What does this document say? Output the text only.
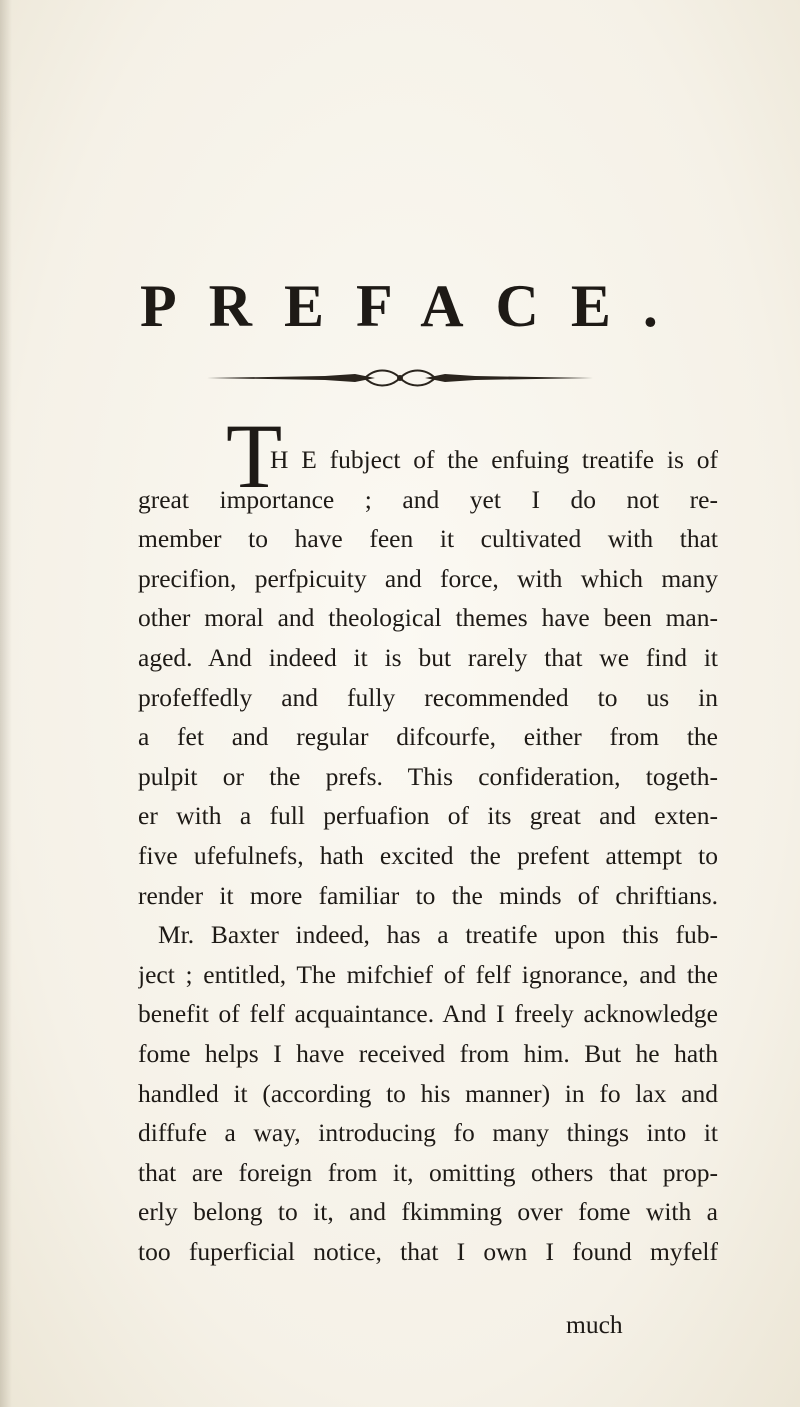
PREFACE.
T
H E fubject of the enfuing treatife is of
great importance ; and yet I do not re-
member to have feen it cultivated with that
precifion, perfpicuity and force, with which many
other moral and theological themes have been man-
aged. And indeed it is but rarely that we find it
profeffedly and fully recommended to us in
a fet and regular difcourfe, either from the
pulpit or the prefs. This confideration, togeth-
er with a full perfuafion of its great and exten-
five ufefulnefs, hath excited the prefent attempt to
render it more familiar to the minds of chriftians.
Mr. Baxter indeed, has a treatife upon this fub-
ject ; entitled, The mifchief of felf ignorance, and the
benefit of felf acquaintance. And I freely acknowledge
fome helps I have received from him. But he hath
handled it (according to his manner) in fo lax and
diffufe a way, introducing fo many things into it
that are foreign from it, omitting others that prop-
erly belong to it, and fkimming over fome with a
too fuperficial notice, that I own I found myfelf
much
